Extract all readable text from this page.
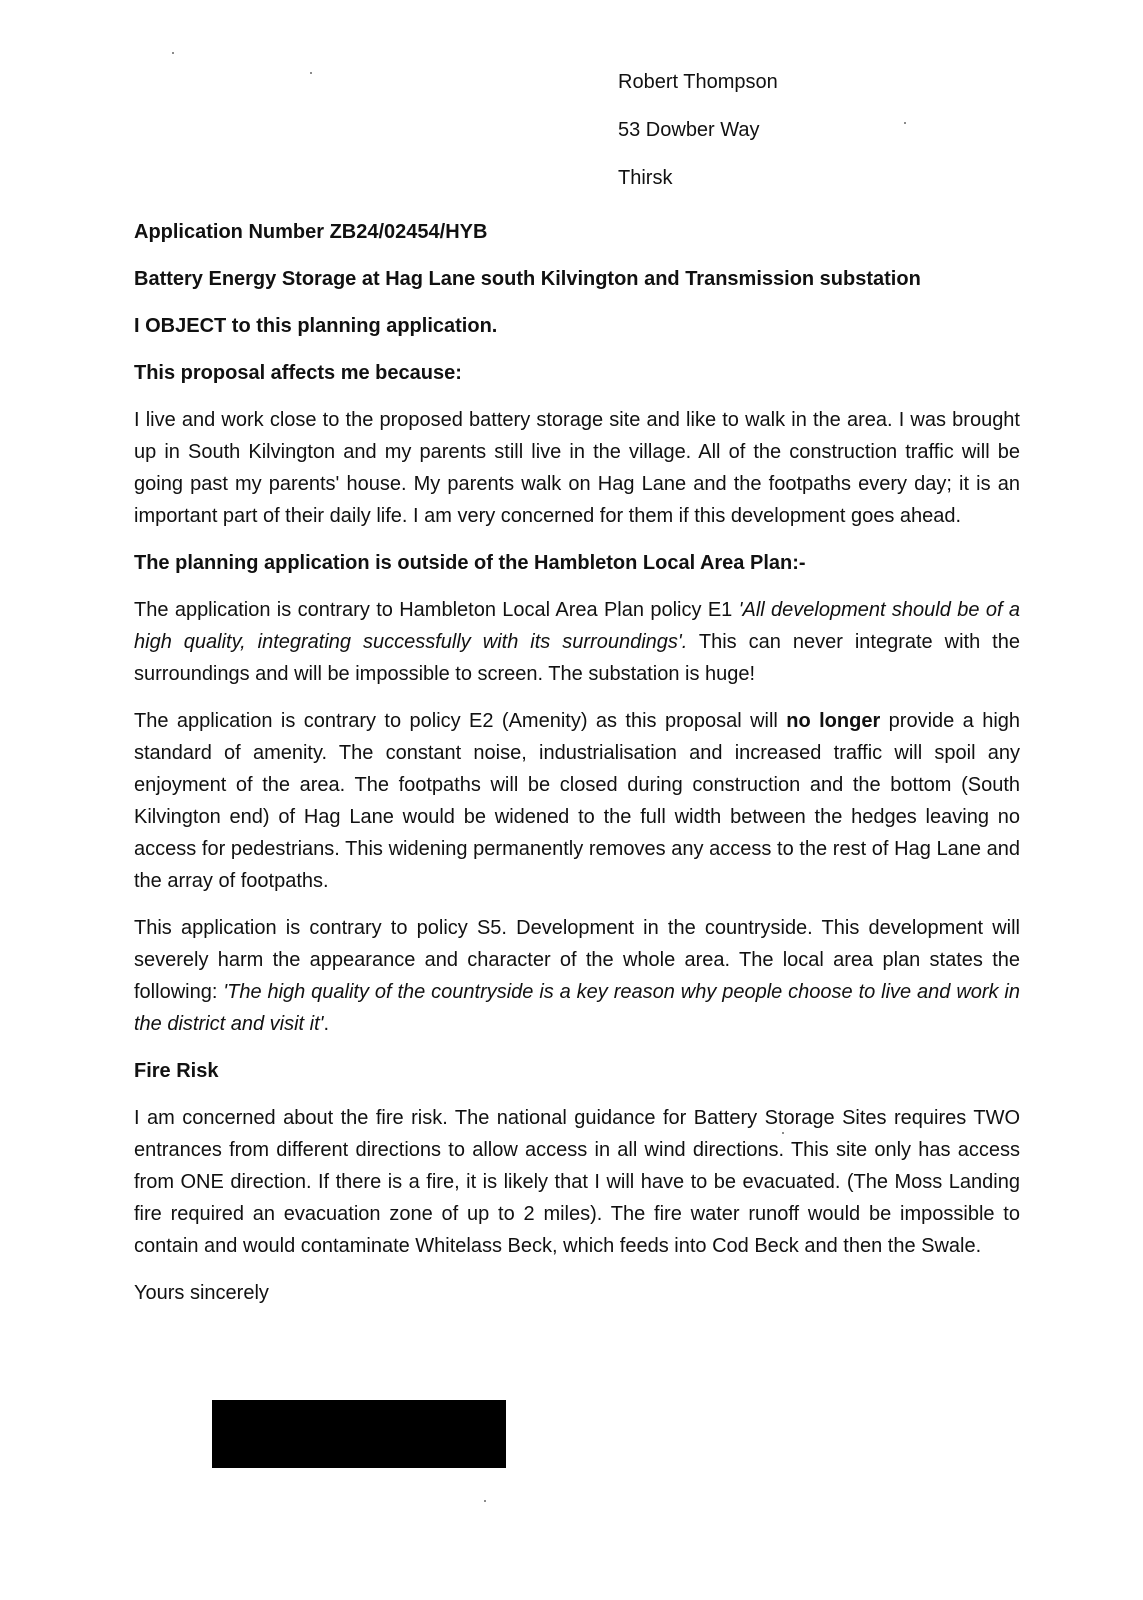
Robert Thompson
53 Dowber Way
Thirsk

Application Number ZB24/02454/HYB

Battery Energy Storage at Hag Lane south Kilvington and Transmission substation

I OBJECT to this planning application.

This proposal affects me because:

I live and work close to the proposed battery storage site and like to walk in the area. I was brought up in South Kilvington and my parents still live in the village. All of the construction traffic will be going past my parents' house. My parents walk on Hag Lane and the footpaths every day; it is an important part of their daily life. I am very concerned for them if this development goes ahead.

The planning application is outside of the Hambleton Local Area Plan:-

The application is contrary to Hambleton Local Area Plan policy E1 'All development should be of a high quality, integrating successfully with its surroundings'. This can never integrate with the surroundings and will be impossible to screen. The substation is huge!

The application is contrary to policy E2 (Amenity) as this proposal will no longer provide a high standard of amenity. The constant noise, industrialisation and increased traffic will spoil any enjoyment of the area. The footpaths will be closed during construction and the bottom (South Kilvington end) of Hag Lane would be widened to the full width between the hedges leaving no access for pedestrians. This widening permanently removes any access to the rest of Hag Lane and the array of footpaths.

This application is contrary to policy S5. Development in the countryside. This development will severely harm the appearance and character of the whole area. The local area plan states the following: 'The high quality of the countryside is a key reason why people choose to live and work in the district and visit it'.

Fire Risk

I am concerned about the fire risk. The national guidance for Battery Storage Sites requires TWO entrances from different directions to allow access in all wind directions. This site only has access from ONE direction. If there is a fire, it is likely that I will have to be evacuated. (The Moss Landing fire required an evacuation zone of up to 2 miles). The fire water runoff would be impossible to contain and would contaminate Whitelass Beck, which feeds into Cod Beck and then the Swale.

Yours sincerely
